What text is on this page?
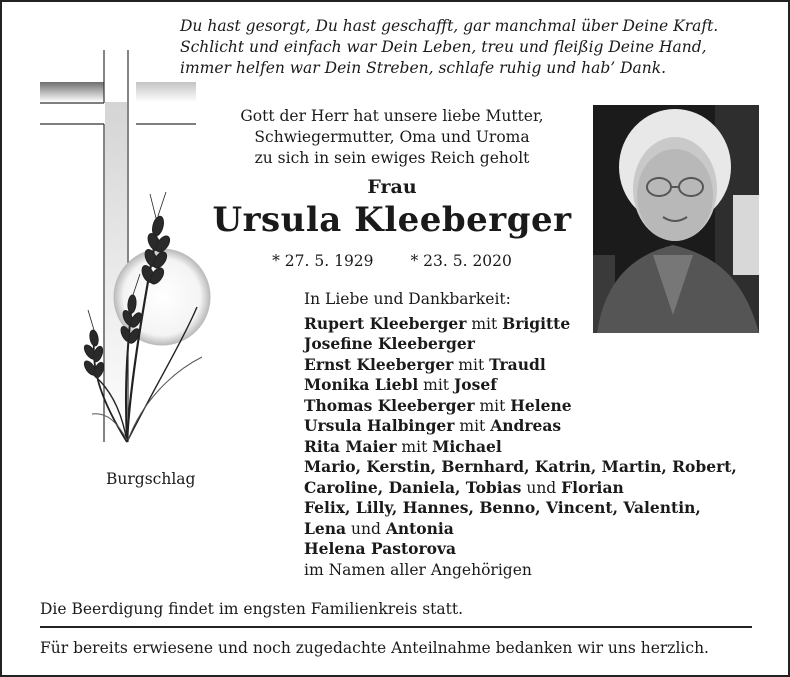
Du hast gesorgt, Du hast geschafft, gar manchmal über Deine Kraft.
Schlicht und einfach war Dein Leben, treu und fleißig Deine Hand,
immer helfen war Dein Streben, schlafe ruhig und hab’ Dank.
Gott der Herr hat unsere liebe Mutter,
Schwiegermutter, Oma und Uroma
zu sich in sein ewiges Reich geholt
Frau
Ursula Kleeberger
* 27. 5. 1929 * 23. 5. 2020
Burgschlag
In Liebe und Dankbarkeit:
Rupert Kleeberger mit Brigitte
Josefine Kleeberger
Ernst Kleeberger mit Traudl
Monika Liebl mit Josef
Thomas Kleeberger mit Helene
Ursula Halbinger mit Andreas
Rita Maier mit Michael
Mario, Kerstin, Bernhard, Katrin, Martin, Robert,
Caroline, Daniela, Tobias und Florian
Felix, Lilly, Hannes, Benno, Vincent, Valentin,
Lena und Antonia
Helena Pastorova
im Namen aller Angehörigen
Die Beerdigung findet im engsten Familienkreis statt.
Für bereits erwiesene und noch zugedachte Anteilnahme bedanken wir uns herzlich.
